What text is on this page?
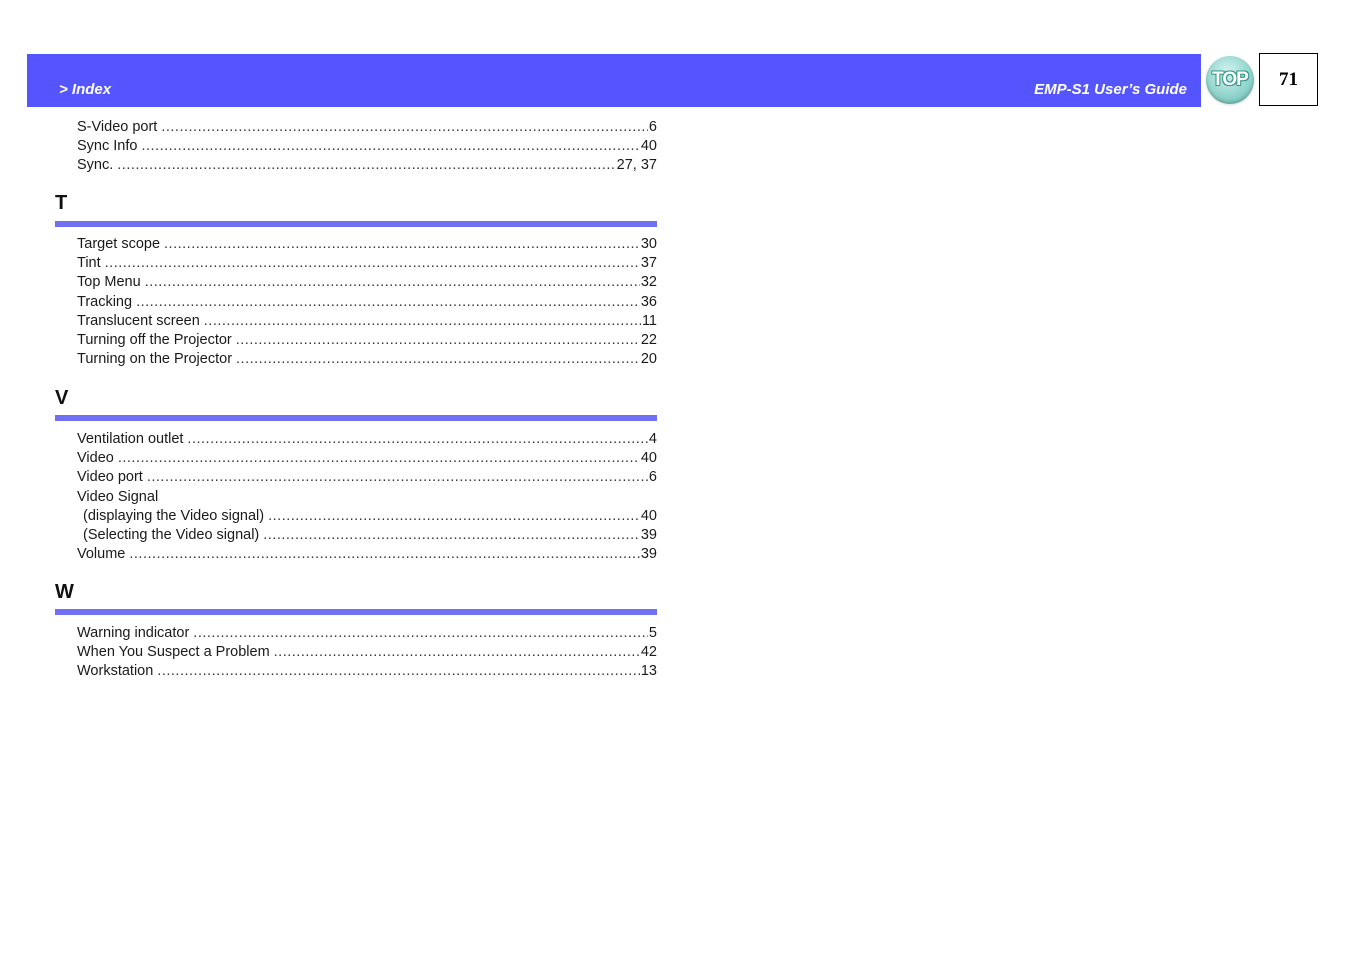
> Index	EMP-S1 User’s Guide TOP 71
S-Video port .....	6
Sync Info .....	40
Sync. .....	27, 37
T
Target scope .....	30
Tint .....	37
Top Menu .....	32
Tracking .....	36
Translucent screen .....	11
Turning off the Projector .....	22
Turning on the Projector .....	20
V
Ventilation outlet .....	4
Video .....	40
Video port .....	6
Video Signal
(displaying the Video signal) .....	40
(Selecting the Video signal) .....	39
Volume .....	39
W
Warning indicator .....	5
When You Suspect a Problem .....	42
Workstation .....	13
